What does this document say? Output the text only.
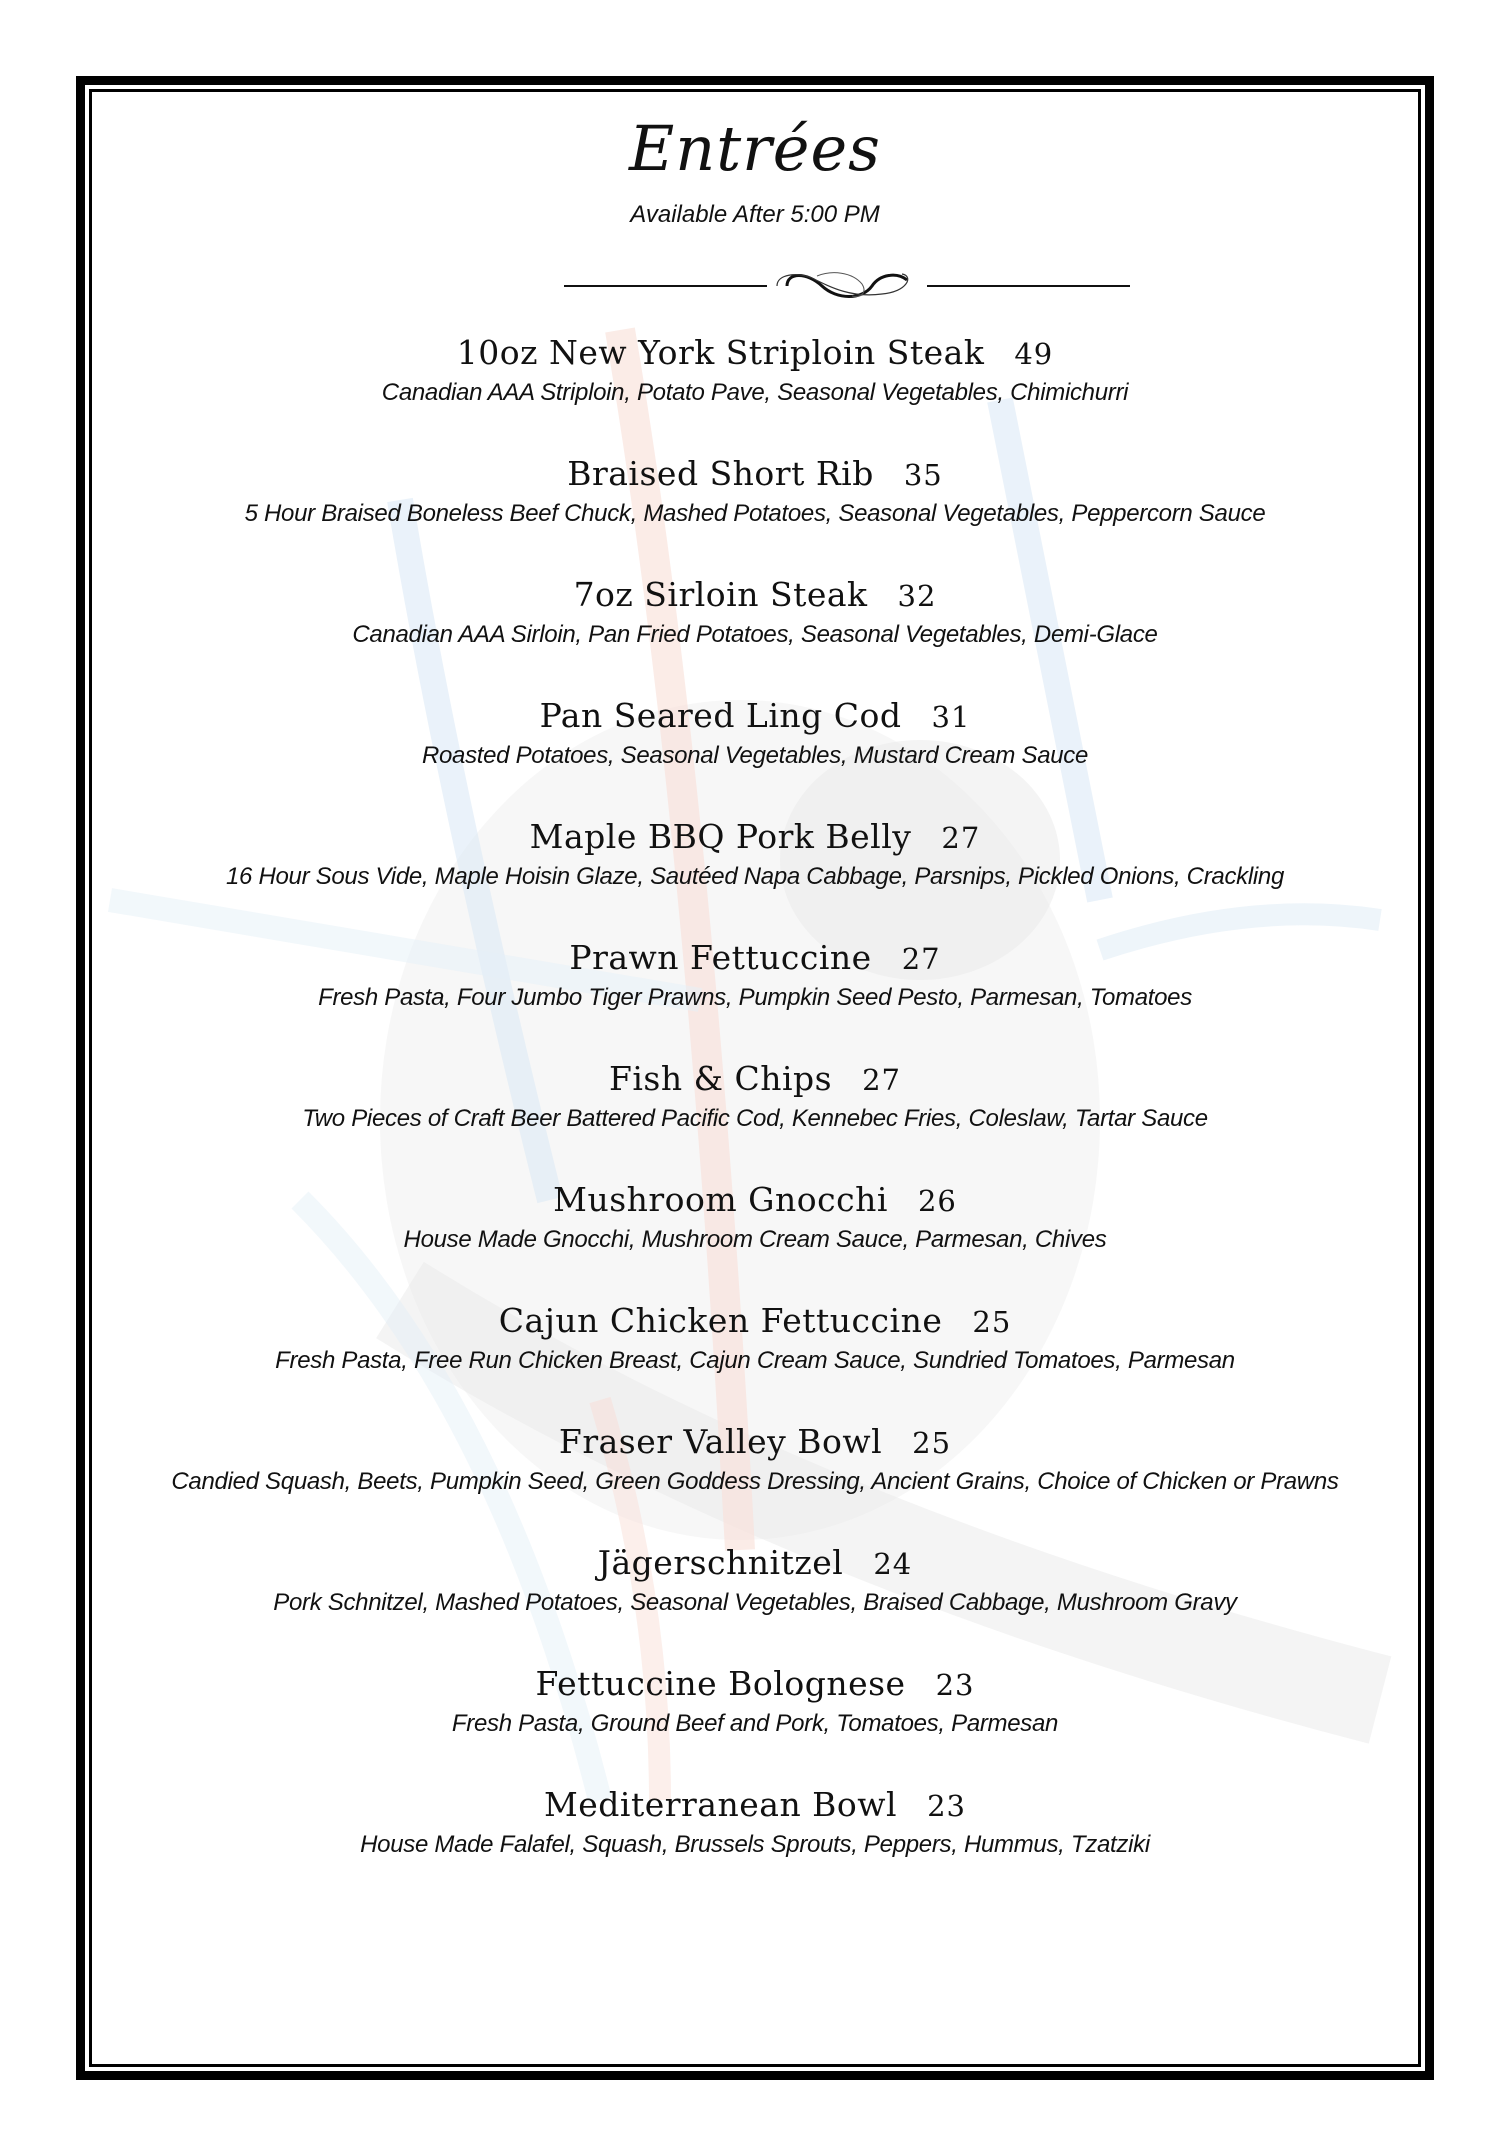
Entrées
Available After 5:00 PM
10oz New York Striploin Steak 49
Canadian AAA Striploin, Potato Pave, Seasonal Vegetables, Chimichurri
Braised Short Rib 35
5 Hour Braised Boneless Beef Chuck, Mashed Potatoes, Seasonal Vegetables, Peppercorn Sauce
7oz Sirloin Steak 32
Canadian AAA Sirloin, Pan Fried Potatoes, Seasonal Vegetables, Demi-Glace
Pan Seared Ling Cod 31
Roasted Potatoes, Seasonal Vegetables, Mustard Cream Sauce
Maple BBQ Pork Belly 27
16 Hour Sous Vide, Maple Hoisin Glaze, Sautéed Napa Cabbage, Parsnips, Pickled Onions, Crackling
Prawn Fettuccine 27
Fresh Pasta, Four Jumbo Tiger Prawns, Pumpkin Seed Pesto, Parmesan, Tomatoes
Fish & Chips 27
Two Pieces of Craft Beer Battered Pacific Cod, Kennebec Fries, Coleslaw, Tartar Sauce
Mushroom Gnocchi 26
House Made Gnocchi, Mushroom Cream Sauce, Parmesan, Chives
Cajun Chicken Fettuccine 25
Fresh Pasta, Free Run Chicken Breast, Cajun Cream Sauce, Sundried Tomatoes, Parmesan
Fraser Valley Bowl 25
Candied Squash, Beets, Pumpkin Seed, Green Goddess Dressing, Ancient Grains, Choice of Chicken or Prawns
Jägerschnitzel 24
Pork Schnitzel, Mashed Potatoes, Seasonal Vegetables, Braised Cabbage, Mushroom Gravy
Fettuccine Bolognese 23
Fresh Pasta, Ground Beef and Pork, Tomatoes, Parmesan
Mediterranean Bowl 23
House Made Falafel, Squash, Brussels Sprouts, Peppers, Hummus, Tzatziki
